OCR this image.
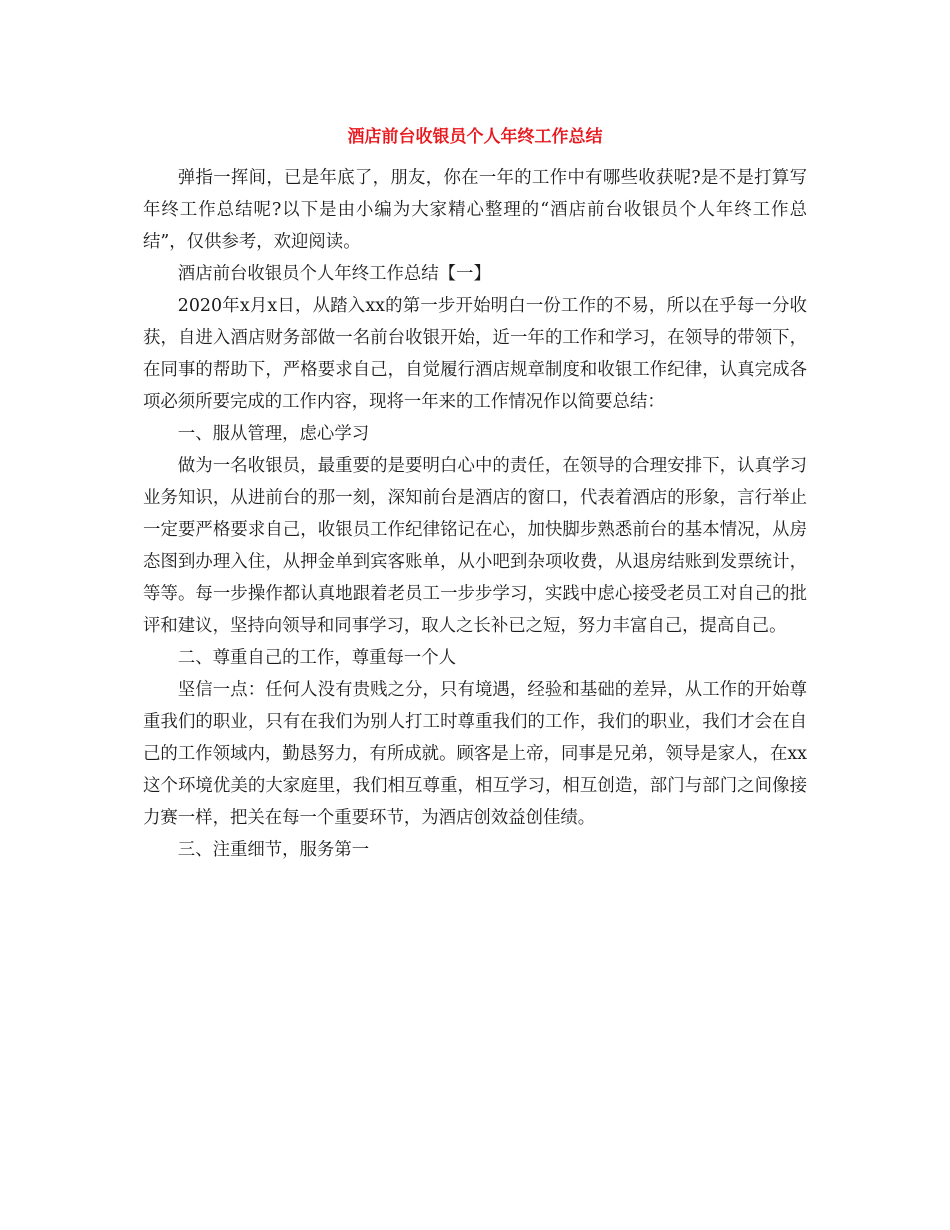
酒店前台收银员个人年终工作总结

弹指一挥间，已是年底了，朋友，你在一年的工作中有哪些收获呢?是不是打算写年终工作总结呢?以下是由小编为大家精心整理的“酒店前台收银员个人年终工作总结”，仅供参考，欢迎阅读。

酒店前台收银员个人年终工作总结【一】

2020年x月x日，从踏入xx的第一步开始明白一份工作的不易，所以在乎每一分收获，自进入酒店财务部做一名前台收银开始，近一年的工作和学习，在领导的带领下，在同事的帮助下，严格要求自己，自觉履行酒店规章制度和收银工作纪律，认真完成各项必须所要完成的工作内容，现将一年来的工作情况作以简要总结：

一、服从管理，虑心学习

做为一名收银员，最重要的是要明白心中的责任，在领导的合理安排下，认真学习业务知识，从进前台的那一刻，深知前台是酒店的窗口，代表着酒店的形象，言行举止一定要严格要求自己，收银员工作纪律铭记在心，加快脚步熟悉前台的基本情况，从房态图到办理入住，从押金单到宾客账单，从小吧到杂项收费，从退房结账到发票统计，等等。每一步操作都认真地跟着老员工一步步学习，实践中虑心接受老员工对自己的批评和建议，坚持向领导和同事学习，取人之长补已之短，努力丰富自己，提高自己。

二、尊重自己的工作，尊重每一个人

坚信一点：任何人没有贵贱之分，只有境遇，经验和基础的差异，从工作的开始尊重我们的职业，只有在我们为别人打工时尊重我们的工作，我们的职业，我们才会在自己的工作领域内，勤恳努力，有所成就。顾客是上帝，同事是兄弟，领导是家人，在xx这个环境优美的大家庭里，我们相互尊重，相互学习，相互创造，部门与部门之间像接力赛一样，把关在每一个重要环节，为酒店创效益创佳绩。

三、注重细节，服务第一
